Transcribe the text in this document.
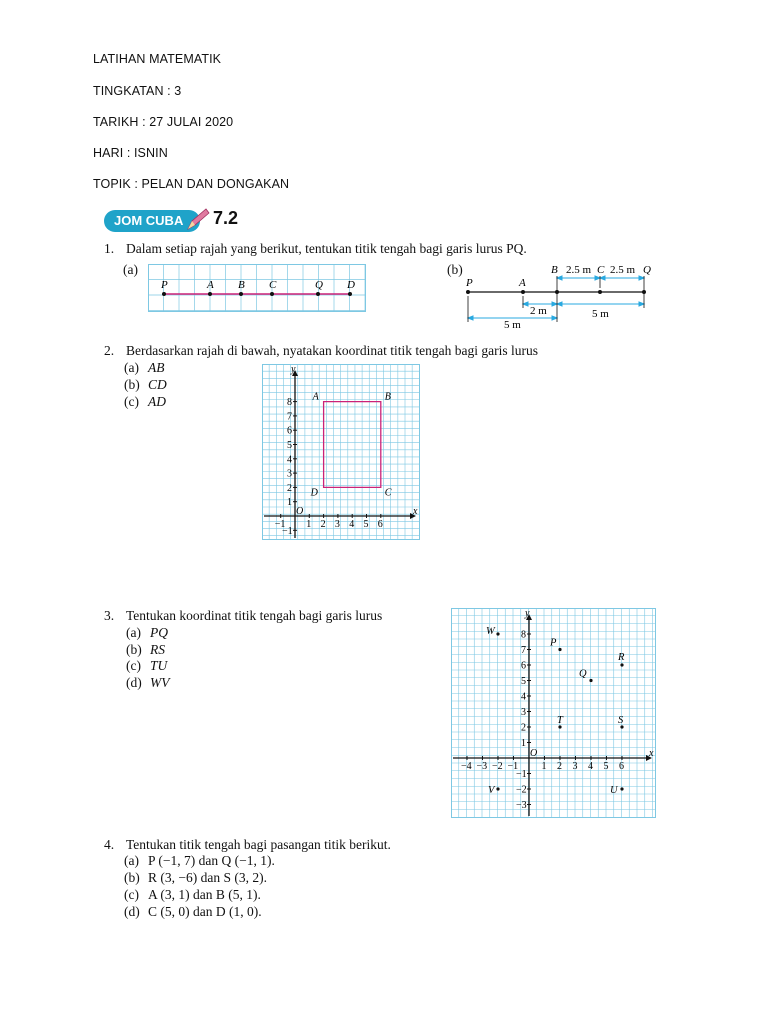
LATIHAN MATEMATIK
TINGKATAN : 3
TARIKH : 27 JULAI 2020
HARI : ISNIN
TOPIK : PELAN DAN DONGAKAN
JOM CUBA	7.2
1. Dalam setiap rajah yang berikut, tentukan titik tengah bagi garis lurus PQ.
(a)	(b)
P	A B C	Q D	P	A
B	C	Q
2.5 m 2.5 m
2 m
5 m
5 m
2. Berdasarkan rajah di bawah, nyatakan koordinat titik tengah bagi garis lurus
(a) AB
(b) CD
(c) AD
x
y
O
−1 1 2 3 4 5 6
−1
1
2
3
4
5
6
7
8 A	B
C
D
3. Tentukan koordinat titik tengah bagi garis lurus
(a) PQ
(b) RS
(c) TU
(d) WV
x
y
O
−4 −3 −2 −1 1 2 3 4 5 6
−3
−2
−1
1
2
3
4
5
6
7
8
W
P
Q
R
T	S
V	U
4. Tentukan titik tengah bagi pasangan titik berikut.
(a) P (−1, 7) dan Q (−1, 1).
(b) R (3, −6) dan S (3, 2).
(c) A (3, 1) dan B (5, 1).
(d) C (5, 0) dan D (1, 0).
